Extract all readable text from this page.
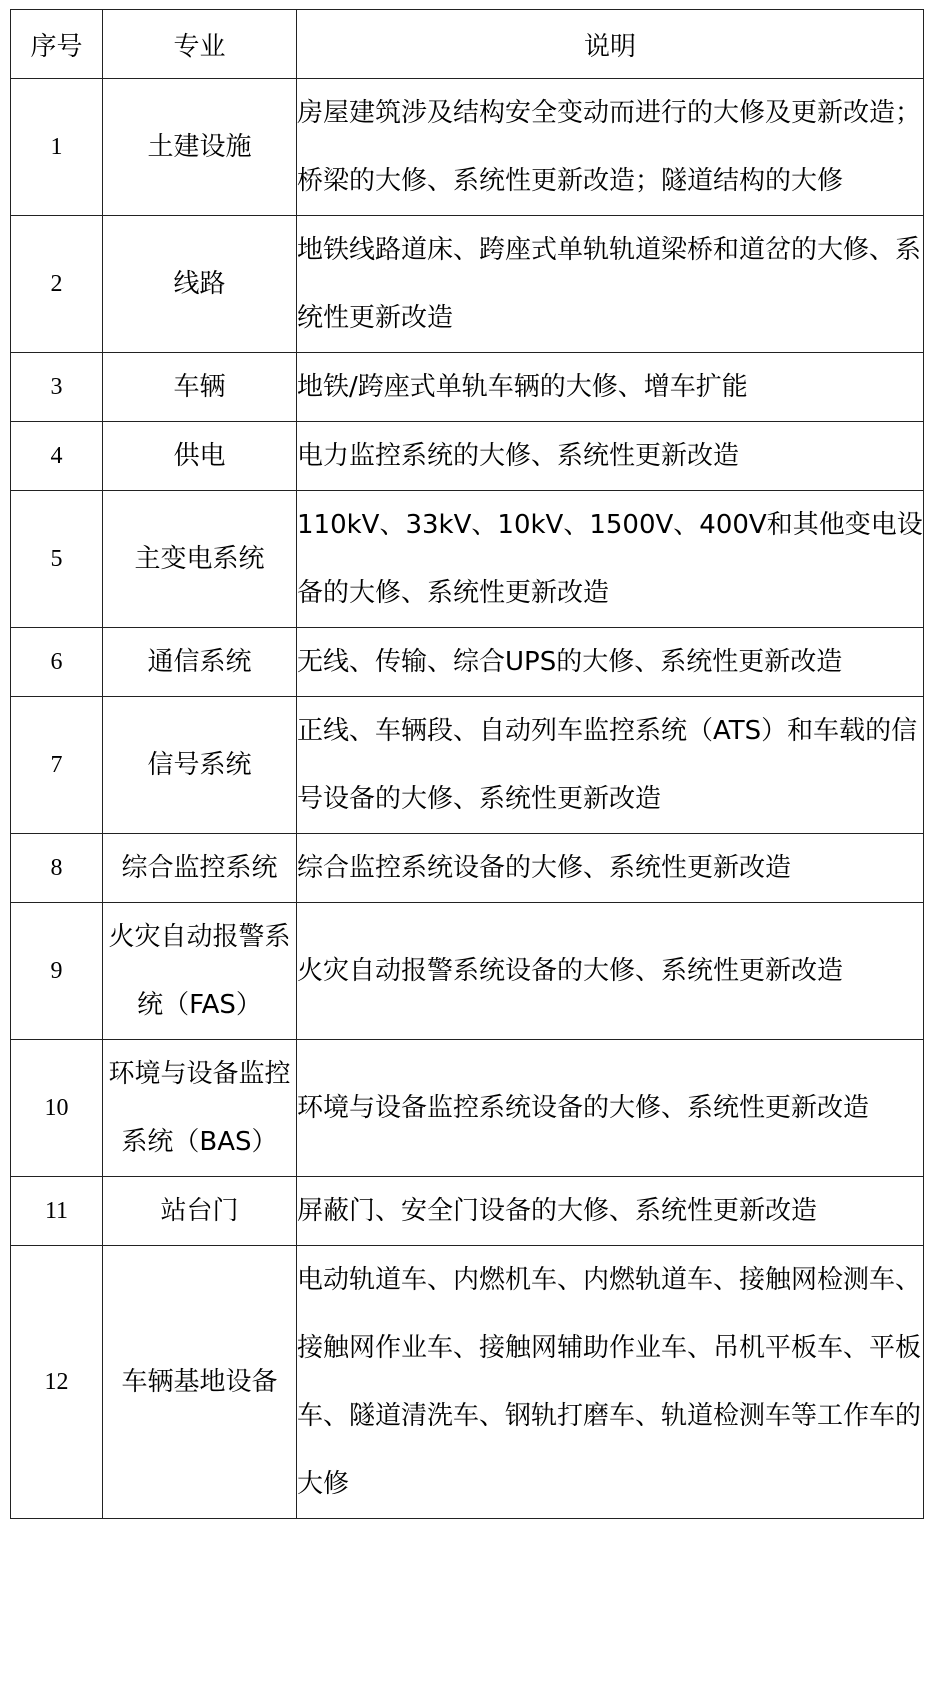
序号	专业	说明
1	土建设施	房屋建筑涉及结构安全变动而进行的大修及更新改造；桥梁的大修、系统性更新改造；隧道结构的大修
2	线路	地铁线路道床、跨座式单轨轨道梁桥和道岔的大修、系统性更新改造
3	车辆	地铁/跨座式单轨车辆的大修、增车扩能
4	供电	电力监控系统的大修、系统性更新改造
5	主变电系统	110kV、33kV、10kV、1500V、400V和其他变电设备的大修、系统性更新改造
6	通信系统	无线、传输、综合UPS的大修、系统性更新改造
7	信号系统	正线、车辆段、自动列车监控系统（ATS）和车载的信号设备的大修、系统性更新改造
8	综合监控系统	综合监控系统设备的大修、系统性更新改造
9	火灾自动报警系统（FAS）	火灾自动报警系统设备的大修、系统性更新改造
10	环境与设备监控系统（BAS）	环境与设备监控系统设备的大修、系统性更新改造
11	站台门	屏蔽门、安全门设备的大修、系统性更新改造
12	车辆基地设备	电动轨道车、内燃机车、内燃轨道车、接触网检测车、接触网作业车、接触网辅助作业车、吊机平板车、平板车、隧道清洗车、钢轨打磨车、轨道检测车等工作车的大修
